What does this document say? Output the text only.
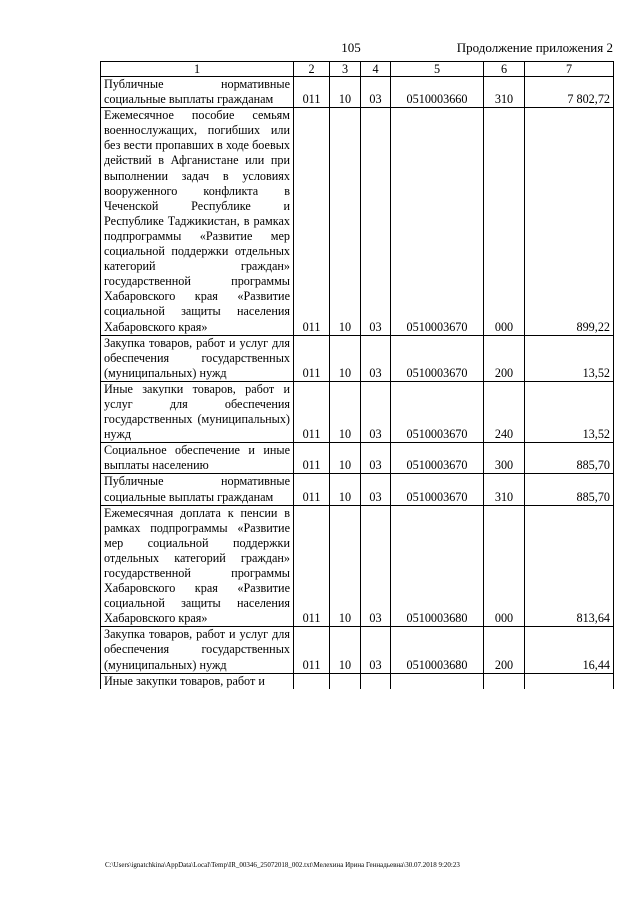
105	Продолжение приложения 2
1	2	3	4	5	6	7
Публичные нормативные социальные выплаты гражданам	011	10	03	0510003660	310	7 802,72
Ежемесячное пособие семьям военнослужащих, погибших или без вести пропавших в ходе боевых действий в Афганистане или при выполнении задач в условиях вооруженного конфликта в Чеченской Республике и Республике Таджикистан, в рамках подпрограммы «Развитие мер социальной поддержки отдельных категорий граждан» государственной программы Хабаровского края «Развитие социальной защиты населения Хабаровского края»	011	10	03	0510003670	000	899,22
Закупка товаров, работ и услуг для обеспечения государственных (муниципальных) нужд	011	10	03	0510003670	200	13,52
Иные закупки товаров, работ и услуг для обеспечения государственных (муниципальных) нужд	011	10	03	0510003670	240	13,52
Социальное обеспечение и иные выплаты населению	011	10	03	0510003670	300	885,70
Публичные нормативные социальные выплаты гражданам	011	10	03	0510003670	310	885,70
Ежемесячная доплата к пенсии в рамках подпрограммы «Развитие мер социальной поддержки отдельных категорий граждан» государственной программы Хабаровского края «Развитие социальной защиты населения Хабаровского края»	011	10	03	0510003680	000	813,64
Закупка товаров, работ и услуг для обеспечения государственных (муниципальных) нужд	011	10	03	0510003680	200	16,44
Иные закупки товаров, работ и						
C:\Users\ignatchkina\AppData\Local\Temp\IR_00346_25072018_002.txt\Мелехина Ирина Геннадьевна\30.07.2018 9:20:23
